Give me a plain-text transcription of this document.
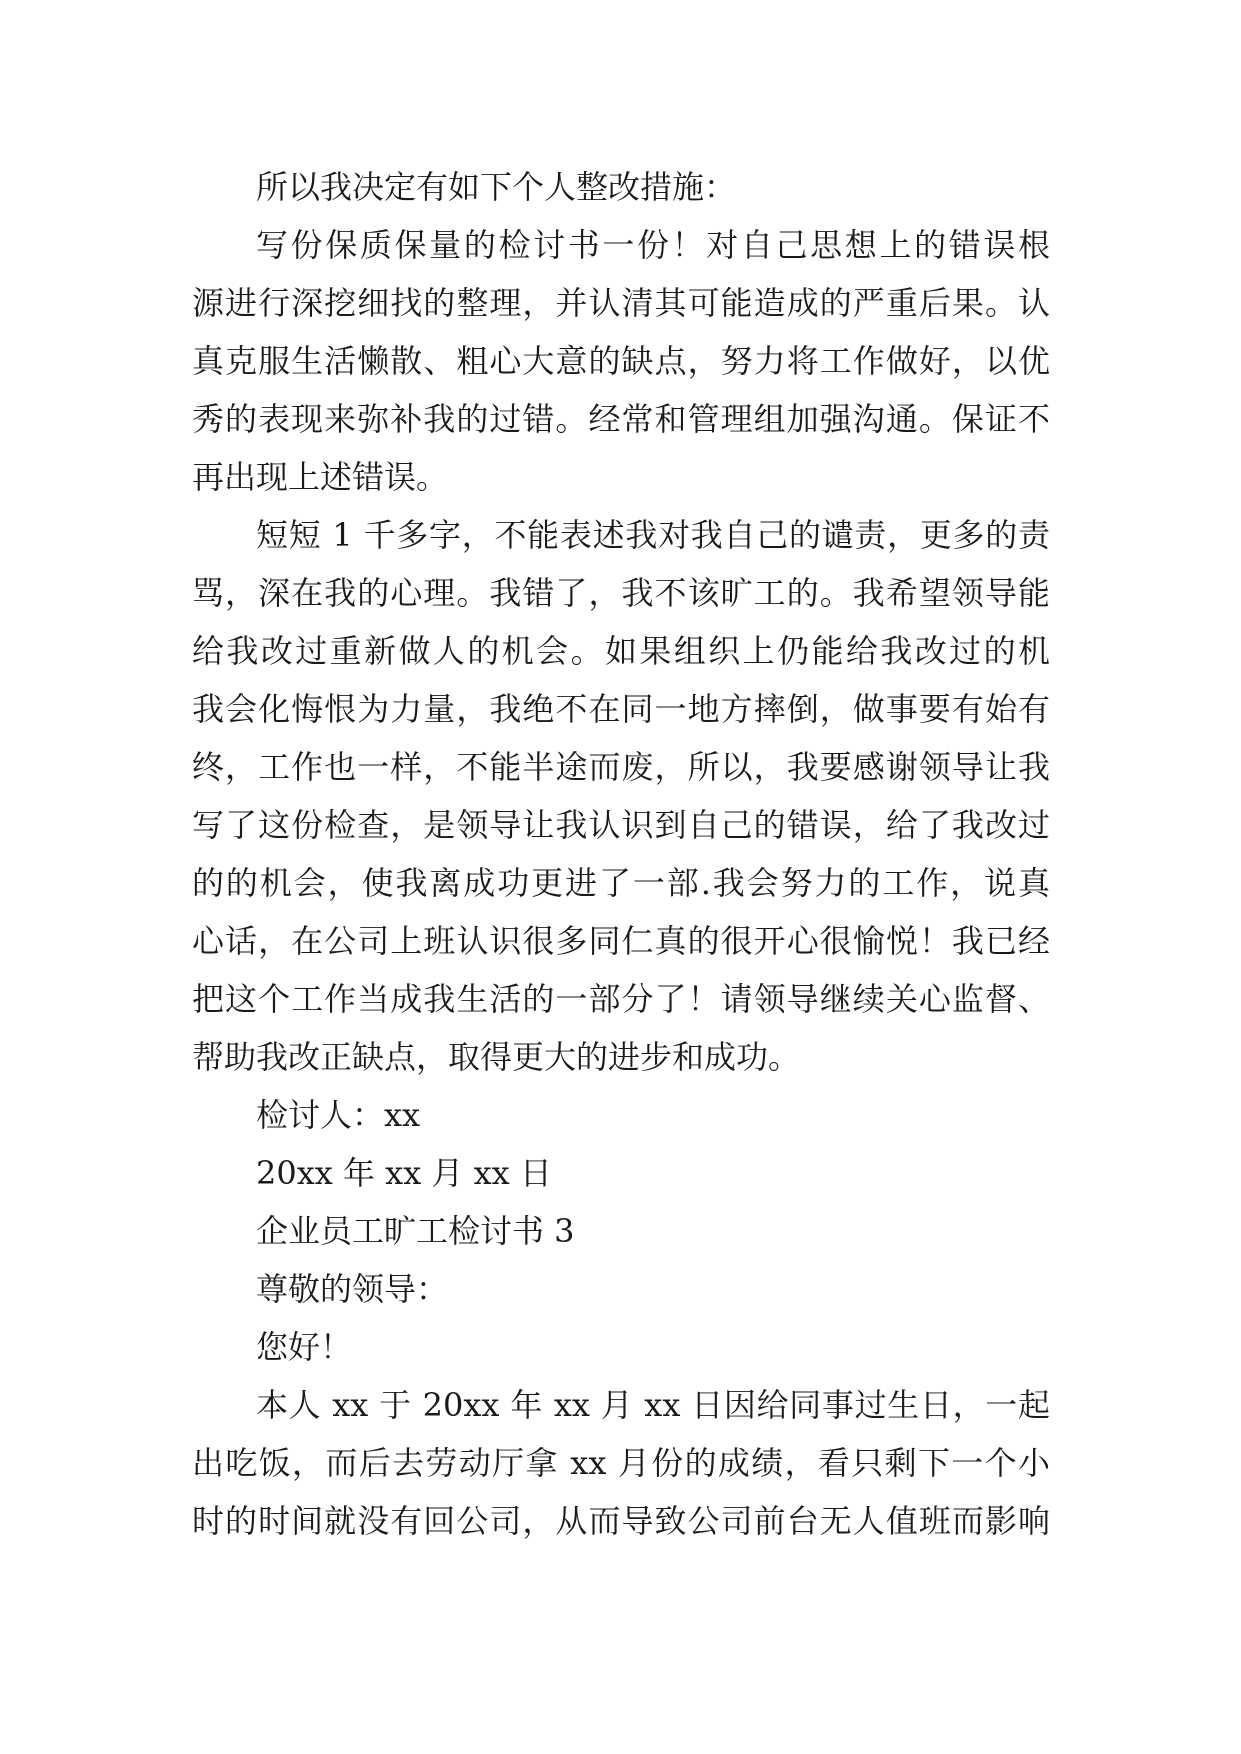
所以我决定有如下个人整改措施：
写份保质保量的检讨书一份！对自己思想上的错误根
源进行深挖细找的整理，并认清其可能造成的严重后果。认
真克服生活懒散、粗心大意的缺点，努力将工作做好，以优
秀的表现来弥补我的过错。经常和管理组加强沟通。保证不
再出现上述错误。
短短 1 千多字，不能表述我对我自己的谴责，更多的责
骂，深在我的心理。我错了，我不该旷工的。我希望领导能
给我改过重新做人的机会。如果组织上仍能给我改过的机
我会化悔恨为力量，我绝不在同一地方摔倒，做事要有始有
终，工作也一样，不能半途而废，所以，我要感谢领导让我
写了这份检查，是领导让我认识到自己的错误，给了我改过
的的机会，使我离成功更进了一部.我会努力的工作，说真
心话，在公司上班认识很多同仁真的很开心很愉悦！我已经
把这个工作当成我生活的一部分了！请领导继续关心监督、
帮助我改正缺点，取得更大的进步和成功。
检讨人：xx
20xx 年 xx 月 xx 日
企业员工旷工检讨书 3
尊敬的领导：
您好！
本人 xx 于 20xx 年 xx 月 xx 日因给同事过生日，一起
出吃饭，而后去劳动厅拿 xx 月份的成绩，看只剩下一个小
时的时间就没有回公司，从而导致公司前台无人值班而影响
